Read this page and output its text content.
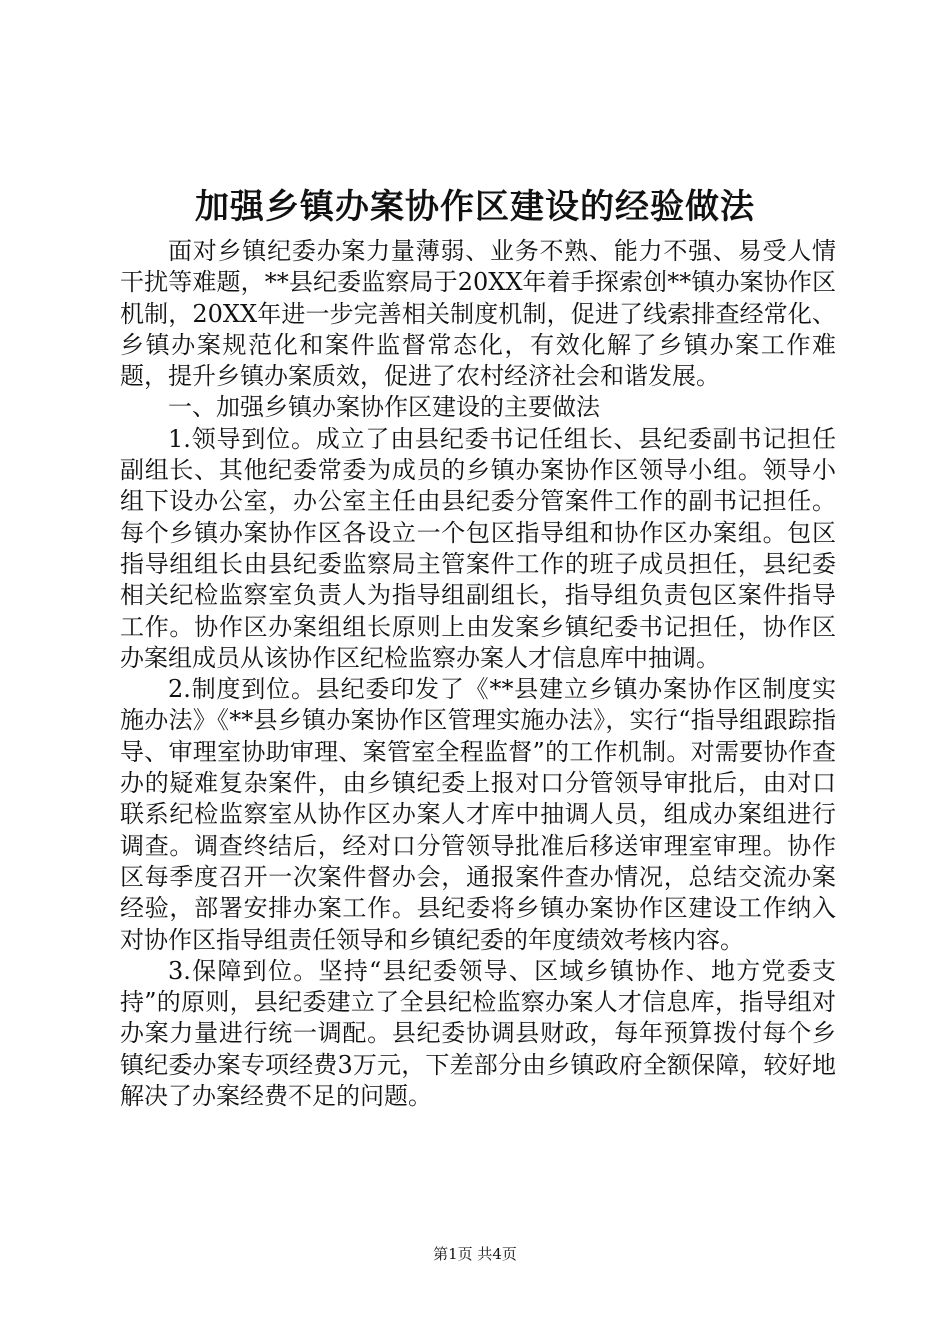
加强乡镇办案协作区建设的经验做法

面对乡镇纪委办案力量薄弱、业务不熟、能力不强、易受人情干扰等难题，**县纪委监察局于20XX年着手探索创**镇办案协作区机制，20XX年进一步完善相关制度机制，促进了线索排查经常化、乡镇办案规范化和案件监督常态化，有效化解了乡镇办案工作难题，提升乡镇办案质效，促进了农村经济社会和谐发展。

一、加强乡镇办案协作区建设的主要做法

1.领导到位。成立了由县纪委书记任组长、县纪委副书记担任副组长、其他纪委常委为成员的乡镇办案协作区领导小组。领导小组下设办公室，办公室主任由县纪委分管案件工作的副书记担任。每个乡镇办案协作区各设立一个包区指导组和协作区办案组。包区指导组组长由县纪委监察局主管案件工作的班子成员担任，县纪委相关纪检监察室负责人为指导组副组长，指导组负责包区案件指导工作。协作区办案组组长原则上由发案乡镇纪委书记担任，协作区办案组成员从该协作区纪检监察办案人才信息库中抽调。

2.制度到位。县纪委印发了《**县建立乡镇办案协作区制度实施办法》《**县乡镇办案协作区管理实施办法》，实行“指导组跟踪指导、审理室协助审理、案管室全程监督”的工作机制。对需要协作查办的疑难复杂案件，由乡镇纪委上报对口分管领导审批后，由对口联系纪检监察室从协作区办案人才库中抽调人员，组成办案组进行调查。调查终结后，经对口分管领导批准后移送审理室审理。协作区每季度召开一次案件督办会，通报案件查办情况，总结交流办案经验，部署安排办案工作。县纪委将乡镇办案协作区建设工作纳入对协作区指导组责任领导和乡镇纪委的年度绩效考核内容。

3.保障到位。坚持“县纪委领导、区域乡镇协作、地方党委支持”的原则，县纪委建立了全县纪检监察办案人才信息库，指导组对办案力量进行统一调配。县纪委协调县财政，每年预算拨付每个乡镇纪委办案专项经费3万元，下差部分由乡镇政府全额保障，较好地解决了办案经费不足的问题。

第1页 共4页
